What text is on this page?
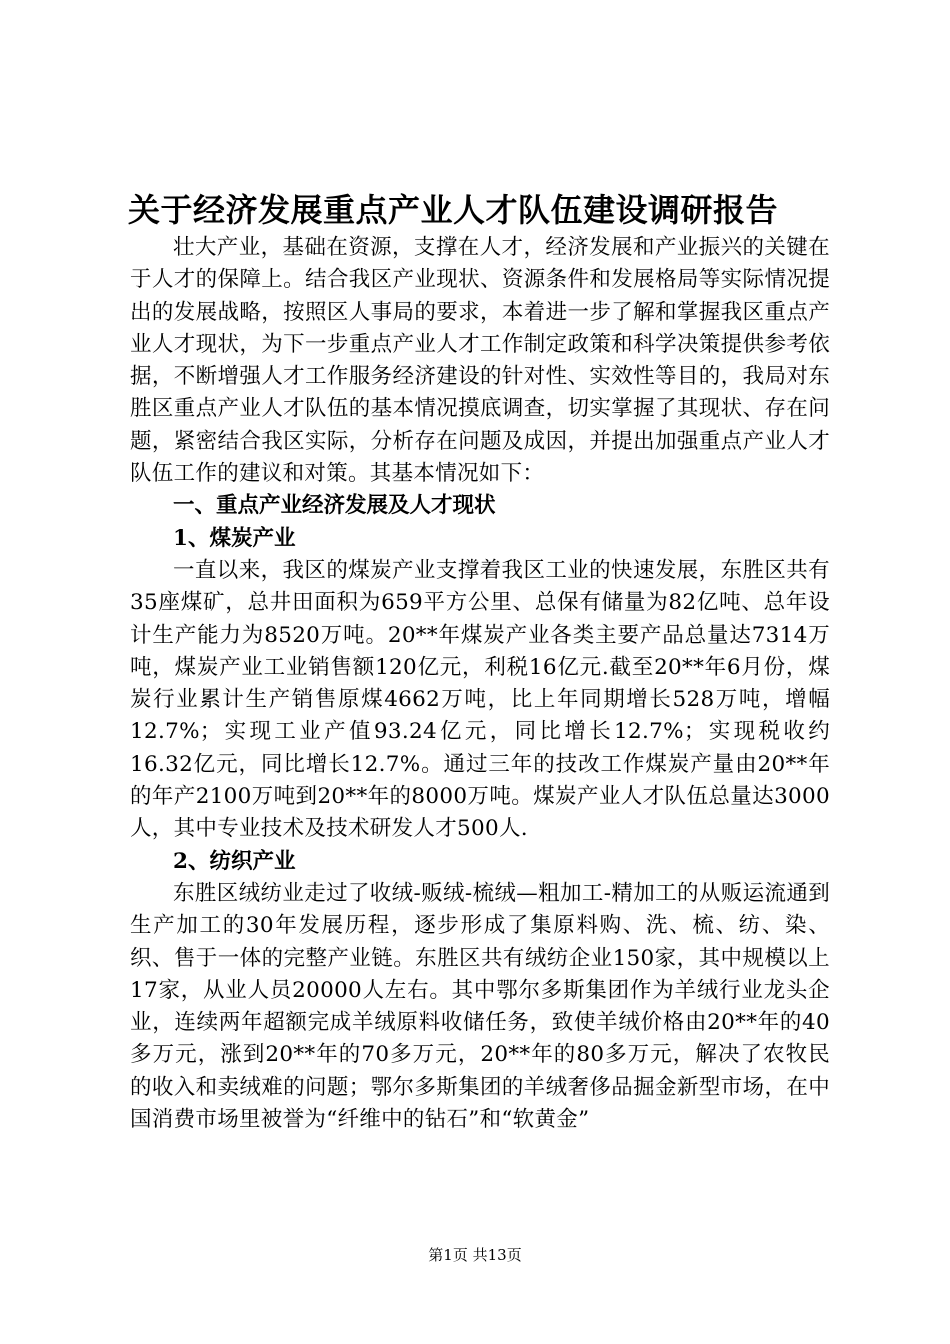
关于经济发展重点产业人才队伍建设调研报告

壮大产业，基础在资源，支撑在人才，经济发展和产业振兴的关键在于人才的保障上。结合我区产业现状、资源条件和发展格局等实际情况提出的发展战略，按照区人事局的要求，本着进一步了解和掌握我区重点产业人才现状，为下一步重点产业人才工作制定政策和科学决策提供参考依据，不断增强人才工作服务经济建设的针对性、实效性等目的，我局对东胜区重点产业人才队伍的基本情况摸底调查，切实掌握了其现状、存在问题，紧密结合我区实际，分析存在问题及成因，并提出加强重点产业人才队伍工作的建议和对策。其基本情况如下：

一、重点产业经济发展及人才现状

1、煤炭产业

一直以来，我区的煤炭产业支撑着我区工业的快速发展，东胜区共有35座煤矿，总井田面积为659平方公里、总保有储量为82亿吨、总年设计生产能力为8520万吨。20**年煤炭产业各类主要产品总量达7314万吨，煤炭产业工业销售额120亿元，利税16亿元.截至20**年6月份，煤炭行业累计生产销售原煤4662万吨，比上年同期增长528万吨，增幅12.7%；实现工业产值93.24亿元，同比增长12.7%；实现税收约16.32亿元，同比增长12.7%。通过三年的技改工作煤炭产量由20**年的年产2100万吨到20**年的8000万吨。煤炭产业人才队伍总量达3000人，其中专业技术及技术研发人才500人.

2、纺织产业

东胜区绒纺业走过了收绒-贩绒-梳绒—粗加工-精加工的从贩运流通到生产加工的30年发展历程，逐步形成了集原料购、洗、梳、纺、染、织、售于一体的完整产业链。东胜区共有绒纺企业150家，其中规模以上17家，从业人员20000人左右。其中鄂尔多斯集团作为羊绒行业龙头企业，连续两年超额完成羊绒原料收储任务，致使羊绒价格由20**年的40多万元，涨到20**年的70多万元，20**年的80多万元，解决了农牧民的收入和卖绒难的问题；鄂尔多斯集团的羊绒奢侈品掘金新型市场，在中国消费市场里被誉为“纤维中的钻石”和“软黄金”

第1页 共13页
